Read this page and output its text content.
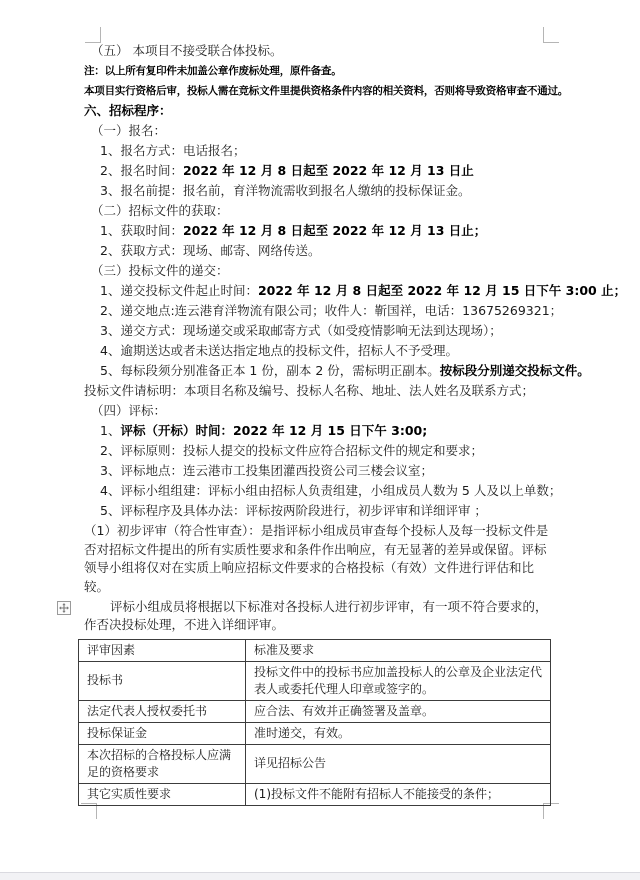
（五） 本项目不接受联合体投标。

注：以上所有复印件未加盖公章作废标处理，原件备查。

本项目实行资格后审，投标人需在竞标文件里提供资格条件内容的相关资料，否则将导致资格审查不通过。

六、招标程序：

（一）报名：

1、报名方式：电话报名；

2、报名时间：2022 年 12 月 8 日起至 2022 年 12 月 13 日止

3、报名前提：报名前，育洋物流需收到报名人缴纳的投标保证金。

（二）招标文件的获取：

1、获取时间：2022 年 12 月 8 日起至 2022 年 12 月 13 日止；

2、获取方式：现场、邮寄、网络传送。

（三）投标文件的递交：

1、递交投标文件起止时间：2022 年 12 月 8 日起至 2022 年 12 月 15 日下午 3:00 止；

2、递交地点:连云港育洋物流有限公司；收件人：靳国祥，电话：13675269321；

3、递交方式：现场递交或采取邮寄方式（如受疫情影响无法到达现场）；

4、逾期送达或者未送达指定地点的投标文件，招标人不予受理。

5、每标段须分别准备正本 1 份，副本 2 份，需标明正副本。按标段分别递交投标文件。

投标文件请标明：本项目名称及编号、投标人名称、地址、法人姓名及联系方式；

（四）评标：

1、评标（开标）时间：2022 年 12 月 15 日下午 3:00;

2、评标原则：投标人提交的投标文件应符合招标文件的规定和要求；

3、评标地点：连云港市工投集团灌西投资公司三楼会议室；

4、评标小组组建：评标小组由招标人负责组建，小组成员人数为 5 人及以上单数；

5、评标程序及具体办法：评标按两阶段进行，初步评审和详细评审 ；

（1）初步评审（符合性审查）：是指评标小组成员审查每个投标人及每一投标文件是否对招标文件提出的所有实质性要求和条件作出响应，有无显著的差异或保留。评标领导小组将仅对在实质上响应招标文件要求的合格投标（有效）文件进行评估和比较。

评标小组成员将根据以下标准对各投标人进行初步评审，有一项不符合要求的，作否决投标处理，不进入详细评审。

评审因素	标准及要求
投标书	投标文件中的投标书应加盖投标人的公章及企业法定代表人或委托代理人印章或签字的。
法定代表人授权委托书	应合法、有效并正确签署及盖章。
投标保证金	准时递交，有效。
本次招标的合格投标人应满足的资格要求	详见招标公告
其它实质性要求	(1)投标文件不能附有招标人不能接受的条件；
